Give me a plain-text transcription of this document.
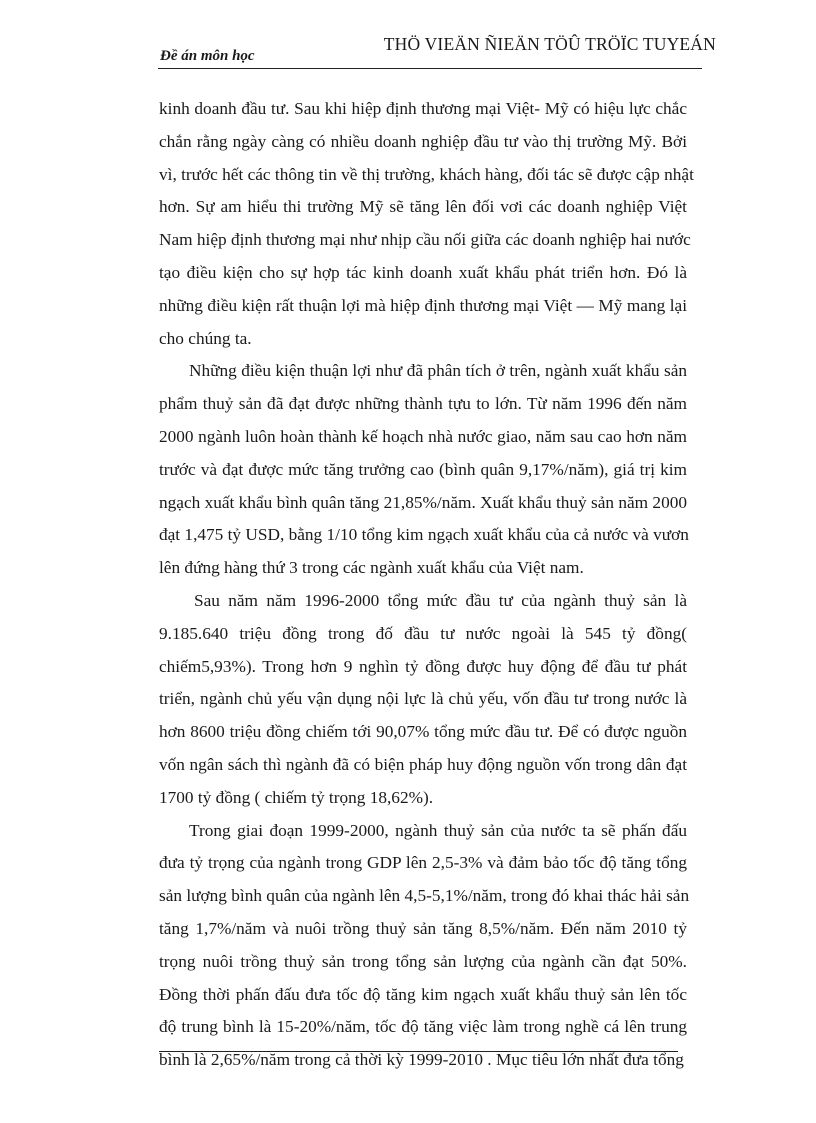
Đề án môn học
THÖ VIEÄN ÑIEÄN TÖÛ TRÖÏC TUYEÁN
kinh doanh đầu tư. Sau khi hiệp định thương mại Việt- Mỹ có hiệu lực chắc
chắn rằng ngày càng có nhiều doanh nghiệp đầu tư vào thị trường Mỹ. Bởi
vì, trước hết các thông tin về thị trường, khách hàng, đối tác sẽ được cập nhật
hơn. Sự am hiểu thi trường Mỹ sẽ tăng lên đối vơi các doanh nghiệp Việt
Nam hiệp định thương mại như nhịp cầu nối giữa các doanh nghiệp hai nước
tạo điều kiện cho sự hợp tác kinh doanh xuất khẩu phát triển hơn. Đó là
những điều kiện rất thuận lợi mà hiệp định thương mại Việt — Mỹ mang lại
cho chúng ta.
Những điều kiện thuận lợi như đã phân tích ở trên, ngành xuất khẩu sản
phẩm thuỷ sản đã đạt được những thành tựu to lớn. Từ năm 1996 đến năm
2000 ngành luôn hoàn thành kế hoạch nhà nước giao, năm sau cao hơn năm
trước và đạt được mức tăng trưởng cao (bình quân 9,17%/năm), giá trị kim
ngạch xuất khẩu bình quân tăng 21,85%/năm. Xuất khẩu thuỷ sản năm 2000
đạt 1,475 tỷ USD, bằng 1/10 tổng kim ngạch xuất khẩu của cả nước và vươn
lên đứng hàng thứ 3 trong các ngành xuất khẩu của Việt nam.
Sau năm năm 1996-2000 tổng mức đầu tư của ngành thuỷ sản là
9.185.640 triệu đồng trong đố đầu tư nước ngoài là 545 tỷ đồng(
chiếm5,93%). Trong hơn 9 nghìn tỷ đồng được huy động để đầu tư phát
triển, ngành chủ yếu vận dụng nội lực là chủ yếu, vốn đầu tư trong nước là
hơn 8600 triệu đồng chiếm tới 90,07% tổng mức đầu tư. Để có được nguồn
vốn ngân sách thì ngành đã có biện pháp huy động nguồn vốn trong dân đạt
1700 tỷ đồng ( chiếm tỷ trọng 18,62%).
Trong giai đoạn 1999-2000, ngành thuỷ sản của nước ta sẽ phấn đấu
đưa tỷ trọng của ngành trong GDP lên 2,5-3% và đảm bảo tốc độ tăng tổng
sản lượng bình quân của ngành lên 4,5-5,1%/năm, trong đó khai thác hải sản
tăng 1,7%/năm và nuôi trồng thuỷ sản tăng 8,5%/năm. Đến năm 2010 tỷ
trọng nuôi trồng thuỷ sản trong tổng sản lượng của ngành cần đạt 50%.
Đồng thời phấn đấu đưa tốc độ tăng kim ngạch xuất khẩu thuỷ sản lên tốc
độ trung bình là 15-20%/năm, tốc độ tăng việc làm trong nghề cá lên trung
bình là 2,65%/năm trong cả thời kỳ 1999-2010 . Mục tiêu lớn nhất đưa tổng
